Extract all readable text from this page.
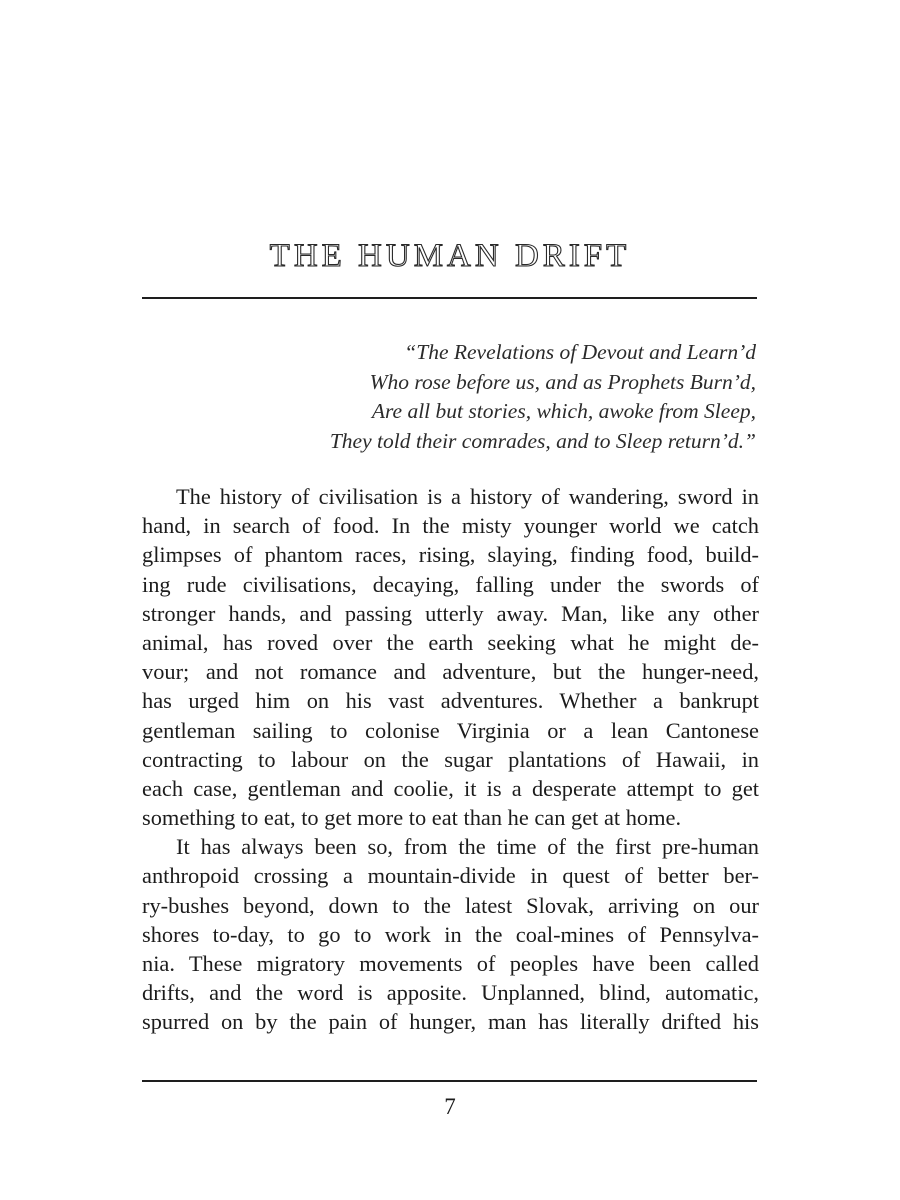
THE HUMAN DRIFT
“The Revelations of Devout and Learn’d
Who rose before us, and as Prophets Burn’d,
Are all but stories, which, awoke from Sleep,
They told their comrades, and to Sleep return’d.”
The history of civilisation is a history of wandering, sword in
hand, in search of food. In the misty younger world we catch
glimpses of phantom races, rising, slaying, finding food, build-
ing rude civilisations, decaying, falling under the swords of
stronger hands, and passing utterly away. Man, like any other
animal, has roved over the earth seeking what he might de-
vour; and not romance and adventure, but the hunger-need,
has urged him on his vast adventures. Whether a bankrupt
gentleman sailing to colonise Virginia or a lean Cantonese
contracting to labour on the sugar plantations of Hawaii, in
each case, gentleman and coolie, it is a desperate attempt to get
something to eat, to get more to eat than he can get at home.
It has always been so, from the time of the first pre-human
anthropoid crossing a mountain-divide in quest of better ber-
ry-bushes beyond, down to the latest Slovak, arriving on our
shores to-day, to go to work in the coal-mines of Pennsylva-
nia. These migratory movements of peoples have been called
drifts, and the word is apposite. Unplanned, blind, automatic,
spurred on by the pain of hunger, man has literally drifted his
7
